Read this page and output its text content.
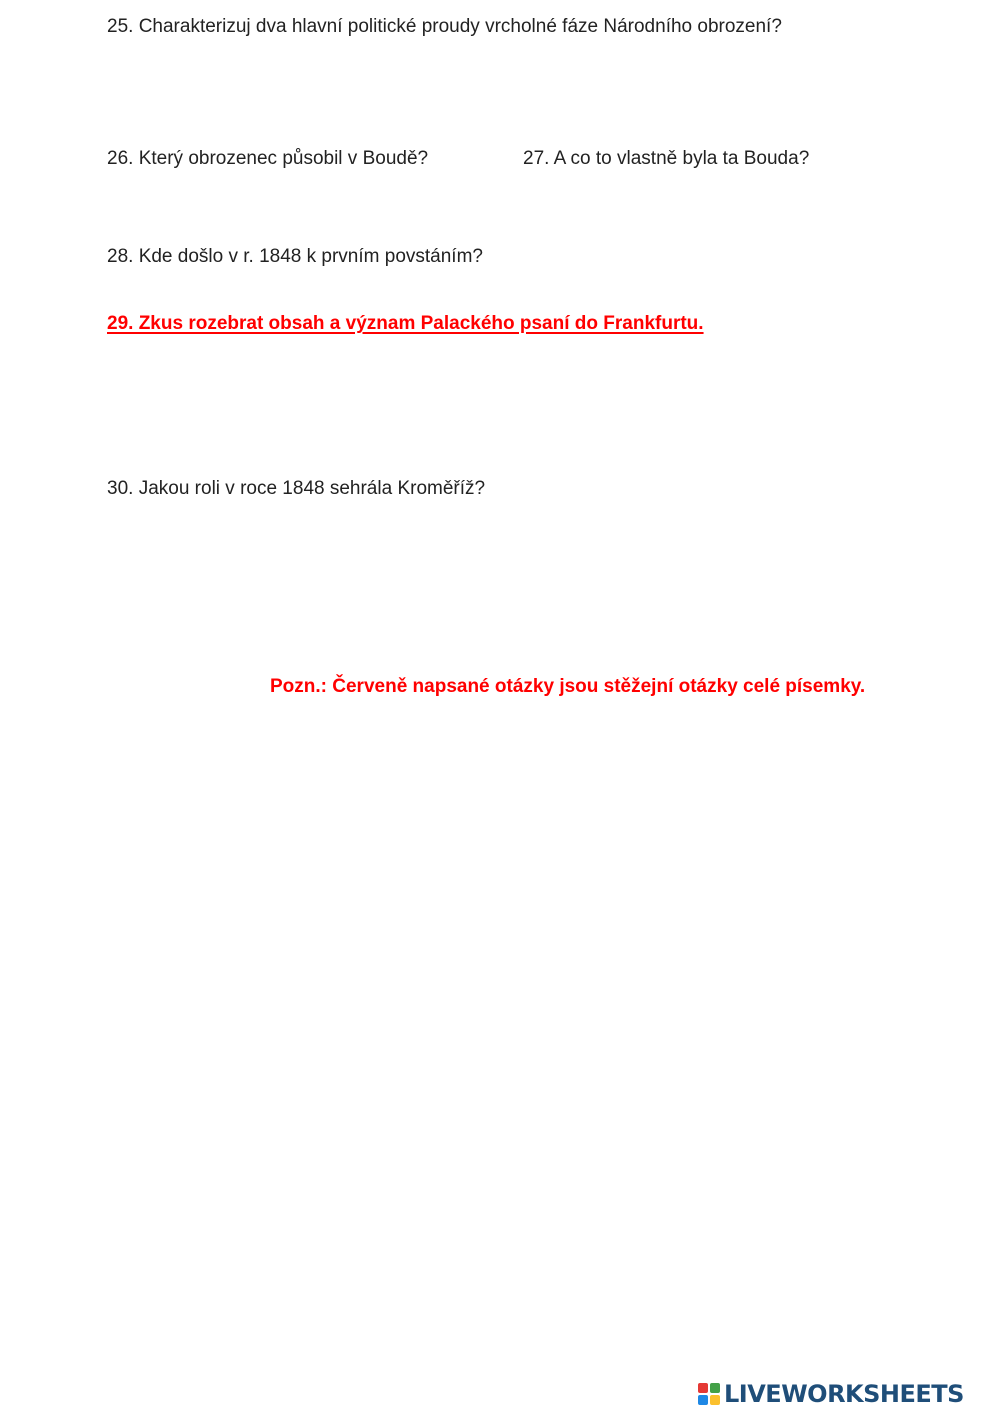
25. Charakterizuj dva hlavní politické proudy vrcholné fáze Národního obrození?

26. Který obrozenec působil v Boudě?	27. A co to vlastně byla ta Bouda?

28. Kde došlo v r. 1848 k prvním povstáním?

29. Zkus rozebrat obsah a význam Palackého psaní do Frankfurtu.

30. Jakou roli v roce 1848 sehrála Kroměříž?

Pozn.: Červeně napsané otázky jsou stěžejní otázky celé písemky.

LIVEWORKSHEETS
